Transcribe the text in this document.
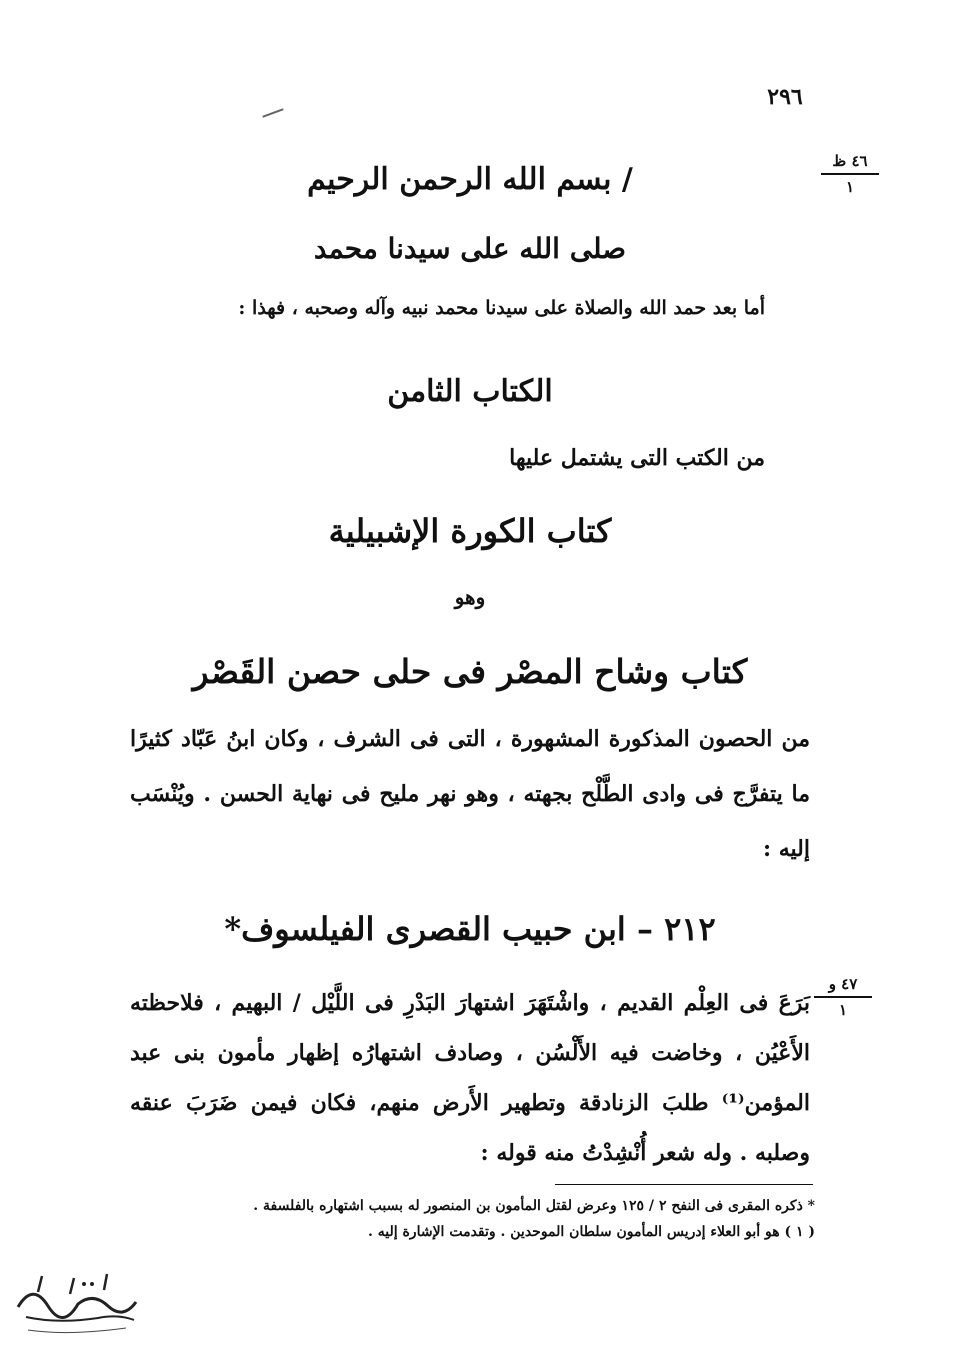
٢٩٦
٤٦ ظ
١
/ بسم الله الرحمن الرحيم
صلى الله على سيدنا محمد
أما بعد حمد الله والصلاة على سيدنا محمد نبيه وآله وصحبه ، فهذا :
الكتاب الثامن
من الكتب التى يشتمل عليها
كتاب الكورة الإشبيلية
وهو
كتاب وشاح المصْر فى حلى حصن القَصْر
من الحصون المذكورة المشهورة ، التى فى الشرف ، وكان ابنُ عَبّاد كثيرًا ما يتفرَّج فى وادى الطَّلْح بجهته ، وهو نهر مليح فى نهاية الحسن . ويُنْسَب إليه :
٢١٢ – ابن حبيب القصرى الفيلسوف*
٤٧ و
١
بَرَعَ فى العِلْم القديم ، واشْتَهَرَ اشتهارَ البَدْرِ فى اللَّيْل / البهيم ، فلاحظته الأَعْيُن ، وخاضت فيه الأَلْسُن ، وصادف اشتهارُه إظهار مأمون بنى عبد المؤمن⁽¹⁾ طلبَ الزنادقة وتطهير الأَرض منهم، فكان فيمن ضَرَبَ عنقه وصلبه . وله شعر أُنْشِدْتُ منه قوله :
* ذكره المقرى فى النفح ٢ / ١٢٥ وعرض لقتل المأمون بن المنصور له بسبب اشتهاره بالفلسفة .
( ١ ) هو أبو العلاء إدريس المأمون سلطان الموحدين . وتقدمت الإشارة إليه .
